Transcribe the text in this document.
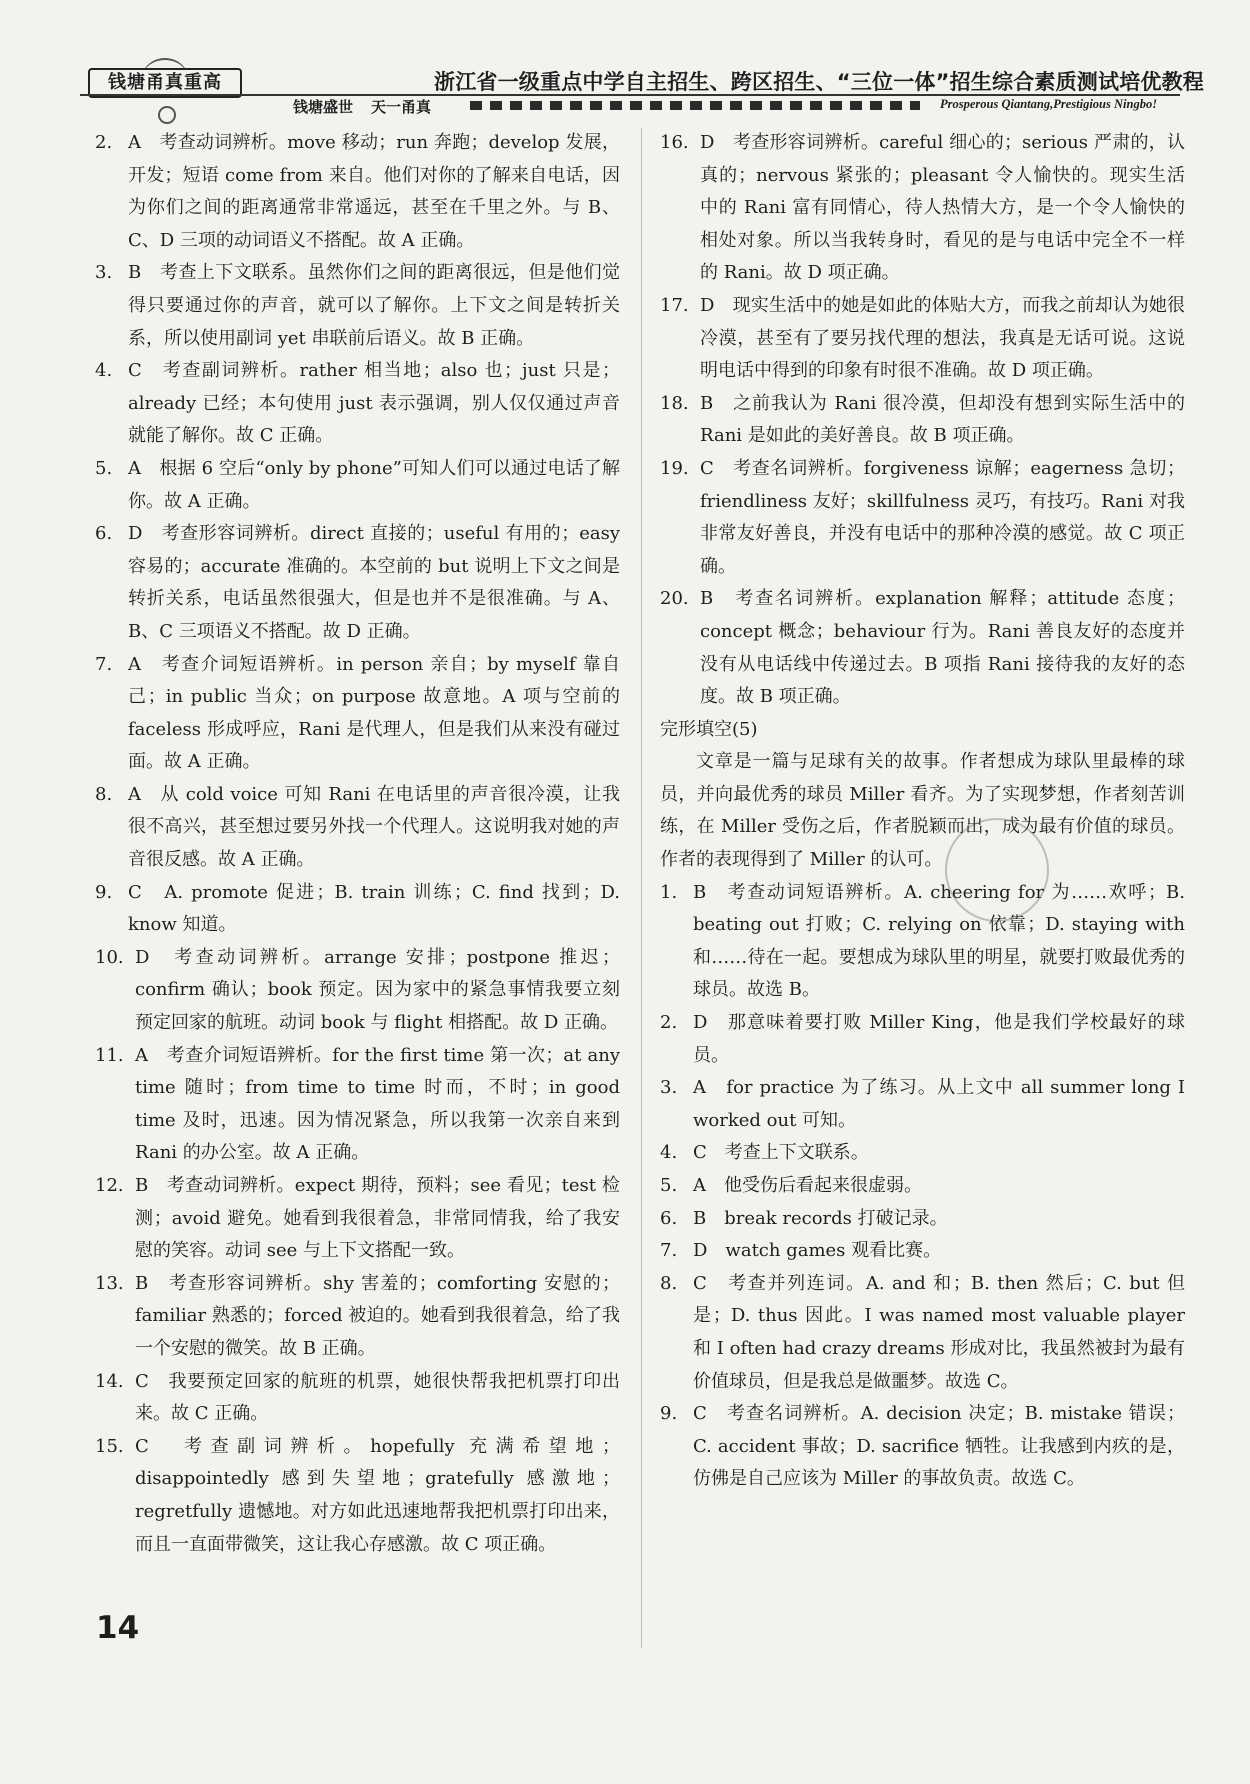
钱塘甬真重高	浙江省一级重点中学自主招生、跨区招生、“三位一体”招生综合素质测试培优教程
钱塘盛世 天一甬真	Prosperous Qiantang,Prestigious Ningbo!

2. A　考查动词辨析。move 移动；run 奔跑；develop 发展，开发；短语 come from 来自。他们对你的了解来自电话，因为你们之间的距离通常非常遥远，甚至在千里之外。与 B、C、D 三项的动词语义不搭配。故 A 正确。

3. B　考查上下文联系。虽然你们之间的距离很远，但是他们觉得只要通过你的声音，就可以了解你。上下文之间是转折关系，所以使用副词 yet 串联前后语义。故 B 正确。

4. C　考查副词辨析。rather 相当地；also 也；just 只是；already 已经；本句使用 just 表示强调，别人仅仅通过声音就能了解你。故 C 正确。

5. A　根据 6 空后“only by phone”可知人们可以通过电话了解你。故 A 正确。

6. D　考查形容词辨析。direct 直接的；useful 有用的；easy 容易的；accurate 准确的。本空前的 but 说明上下文之间是转折关系，电话虽然很强大，但是也并不是很准确。与 A、B、C 三项语义不搭配。故 D 正确。

7. A　考查介词短语辨析。in person 亲自；by myself 靠自己；in public 当众；on purpose 故意地。A 项与空前的 faceless 形成呼应，Rani 是代理人，但是我们从来没有碰过面。故 A 正确。

8. A　从 cold voice 可知 Rani 在电话里的声音很冷漠，让我很不高兴，甚至想过要另外找一个代理人。这说明我对她的声音很反感。故 A 正确。

9. C　A. promote 促进；B. train 训练；C. find 找到；D. know 知道。

10. D　考查动词辨析。arrange 安排；postpone 推迟；confirm 确认；book 预定。因为家中的紧急事情我要立刻预定回家的航班。动词 book 与 flight 相搭配。故 D 正确。

11. A　考查介词短语辨析。for the first time 第一次；at any time 随时；from time to time 时而，不时；in good time 及时，迅速。因为情况紧急，所以我第一次亲自来到 Rani 的办公室。故 A 正确。

12. B　考查动词辨析。expect 期待，预料；see 看见；test 检测；avoid 避免。她看到我很着急，非常同情我，给了我安慰的笑容。动词 see 与上下文搭配一致。

13. B　考查形容词辨析。shy 害羞的；comforting 安慰的；familiar 熟悉的；forced 被迫的。她看到我很着急，给了我一个安慰的微笑。故 B 正确。

14. C　我要预定回家的航班的机票，她很快帮我把机票打印出来。故 C 正确。

15. C　考查副词辨析。hopefully 充满希望地；disappointedly 感到失望地；gratefully 感激地；regretfully 遗憾地。对方如此迅速地帮我把机票打印出来，而且一直面带微笑，这让我心存感激。故 C 项正确。

16. D　考查形容词辨析。careful 细心的；serious 严肃的，认真的；nervous 紧张的；pleasant 令人愉快的。现实生活中的 Rani 富有同情心，待人热情大方，是一个令人愉快的相处对象。所以当我转身时，看见的是与电话中完全不一样的 Rani。故 D 项正确。

17. D　现实生活中的她是如此的体贴大方，而我之前却认为她很冷漠，甚至有了要另找代理的想法，我真是无话可说。这说明电话中得到的印象有时很不准确。故 D 项正确。

18. B　之前我认为 Rani 很冷漠，但却没有想到实际生活中的 Rani 是如此的美好善良。故 B 项正确。

19. C　考查名词辨析。forgiveness 谅解；eagerness 急切；friendliness 友好；skillfulness 灵巧，有技巧。Rani 对我非常友好善良，并没有电话中的那种冷漠的感觉。故 C 项正确。

20. B　考查名词辨析。explanation 解释；attitude 态度；concept 概念；behaviour 行为。Rani 善良友好的态度并没有从电话线中传递过去。B 项指 Rani 接待我的友好的态度。故 B 项正确。

完形填空(5)

文章是一篇与足球有关的故事。作者想成为球队里最棒的球员，并向最优秀的球员 Miller 看齐。为了实现梦想，作者刻苦训练，在 Miller 受伤之后，作者脱颖而出，成为最有价值的球员。作者的表现得到了 Miller 的认可。

1. B　考查动词短语辨析。A. cheering for 为……欢呼；B. beating out 打败；C. relying on 依靠；D. staying with 和……待在一起。要想成为球队里的明星，就要打败最优秀的球员。故选 B。

2. D　那意味着要打败 Miller King，他是我们学校最好的球员。

3. A　for practice 为了练习。从上文中 all summer long I worked out 可知。

4. C　考查上下文联系。

5. A　他受伤后看起来很虚弱。

6. B　break records 打破记录。

7. D　watch games 观看比赛。

8. C　考查并列连词。A. and 和；B. then 然后；C. but 但是；D. thus 因此。I was named most valuable player 和 I often had crazy dreams 形成对比，我虽然被封为最有价值球员，但是我总是做噩梦。故选 C。

9. C　考查名词辨析。A. decision 决定；B. mistake 错误；C. accident 事故；D. sacrifice 牺牲。让我感到内疚的是，仿佛是自己应该为 Miller 的事故负责。故选 C。

14
